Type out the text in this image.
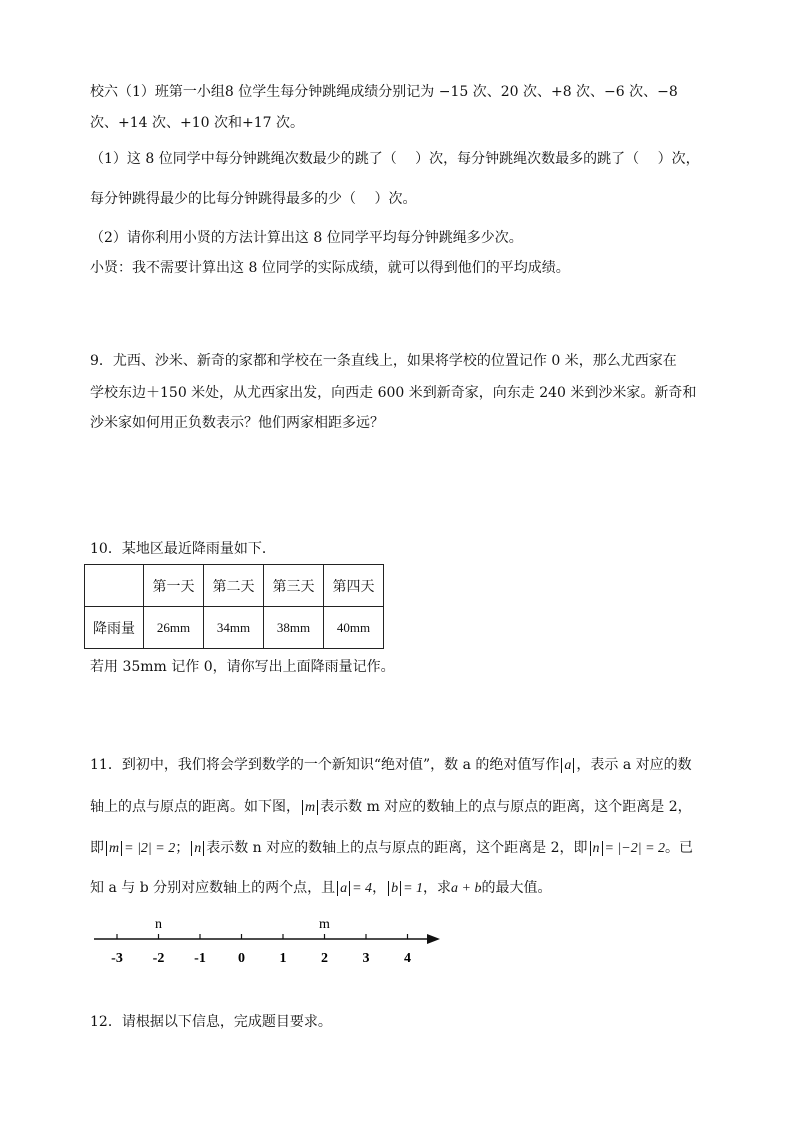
校六（1）班第一小组8 位学生每分钟跳绳成绩分别记为 −15 次、20 次、+8 次、−6 次、−8
次、+14 次、+10 次和+17 次。
（1）这 8 位同学中每分钟跳绳次数最少的跳了（　 ）次，每分钟跳绳次数最多的跳了（　 ）次，
每分钟跳得最少的比每分钟跳得最多的少（　 ）次。
（2）请你利用小贤的方法计算出这 8 位同学平均每分钟跳绳多少次。
小贤：我不需要计算出这 8 位同学的实际成绩，就可以得到他们的平均成绩。
9．尤西、沙米、新奇的家都和学校在一条直线上，如果将学校的位置记作 0 米，那么尤西家在
学校东边＋150 米处，从尤西家出发，向西走 600 米到新奇家，向东走 240 米到沙米家。新奇和
沙米家如何用正负数表示？他们两家相距多远？
10．某地区最近降雨量如下．
	第一天	第二天	第三天	第四天
降雨量	26mm	34mm	38mm	40mm
若用 35mm 记作 0，请你写出上面降雨量记作。
11．到初中，我们将会学到数学的一个新知识“绝对值”，数 a 的绝对值写作 a ，表示 a 对应的数
轴上的点与原点的距离。如下图， m 表示数 m 对应的数轴上的点与原点的距离，这个距离是 2，
即 m = |2| = 2； n 表示数 n 对应的数轴上的点与原点的距离，这个距离是 2，即 n = |−2| = 2。已
知 a 与 b 分别对应数轴上的两个点，且 a = 4， b = 1，求a + b的最大值。
-3 -2 -1 0 1 2 3 4
n	m
12．请根据以下信息，完成题目要求。
